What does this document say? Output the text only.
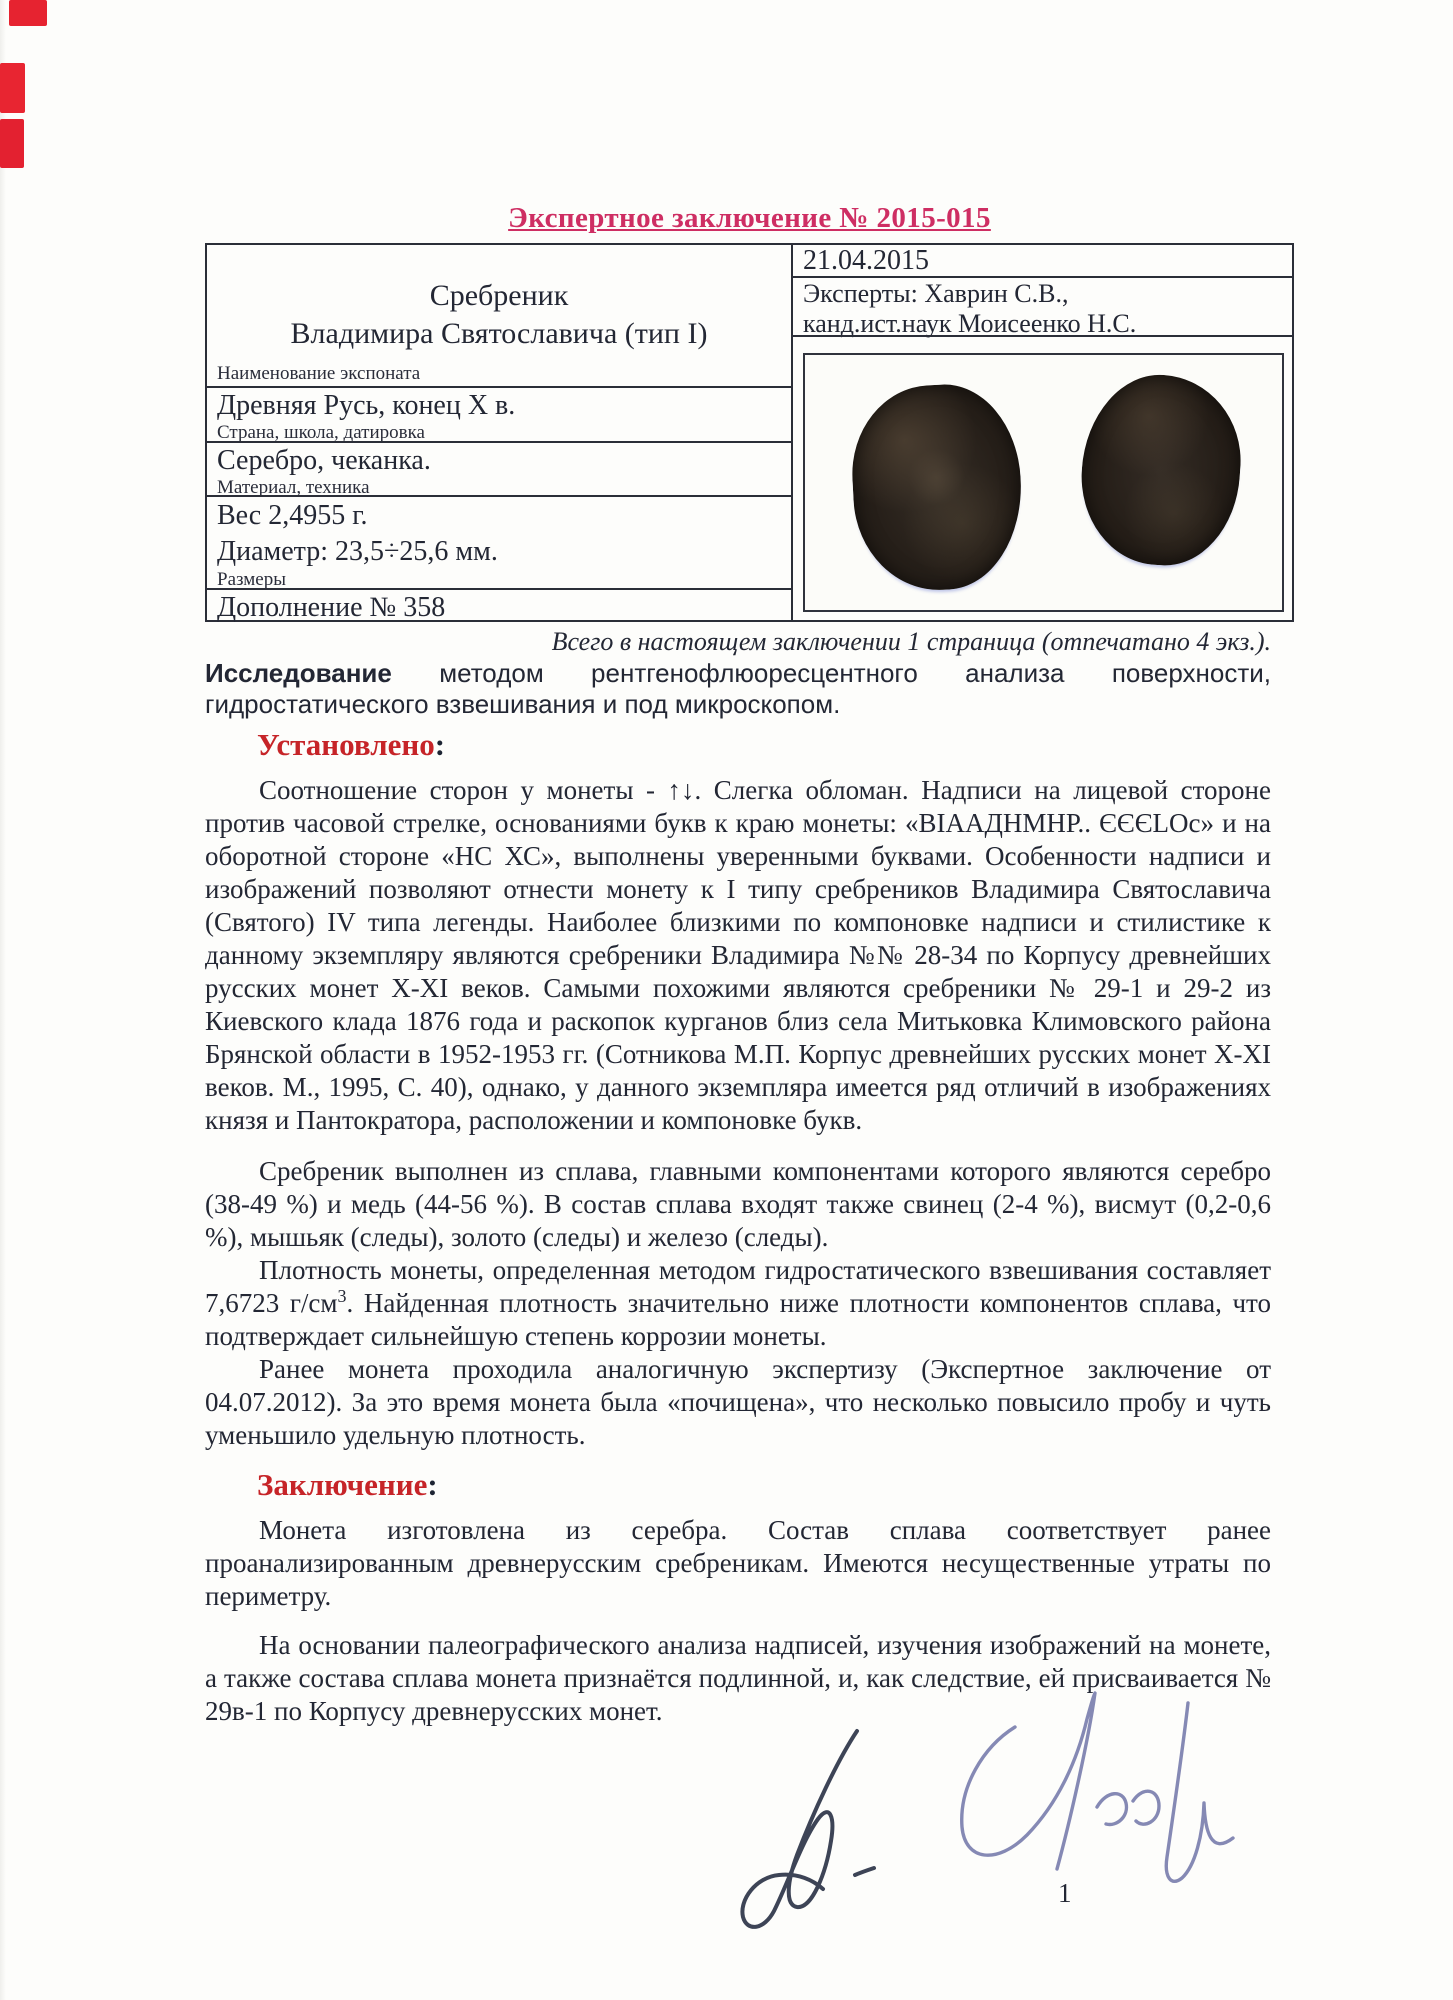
Экспертное заключение № 2015-015
Сребреник
Владимира Святославича (тип I)
Наименование экспоната
Древняя Русь, конец X в.
Страна, школа, датировка
Серебро, чеканка.
Материал, техника
Вес 2,4955 г.
Диаметр: 23,5÷25,6 мм.
Размеры
Дополнение № 358
21.04.2015
Эксперты: Хаврин С.В.,
канд.ист.наук Моисеенко Н.С.
Всего в настоящем заключении 1 страница (отпечатано 4 экз.).

Исследование методом рентгенофлюоресцентного анализа поверхности, гидростатического взвешивания и под микроскопом.

Установлено:

Соотношение сторон у монеты - ↑↓. Слегка обломан. Надписи на лицевой стороне против часовой стрелке, основаниями букв к краю монеты: «ВІААДНМНР.. ЄЄЄLОс» и на оборотной стороне «НС ХС», выполнены уверенными буквами. Особенности надписи и изображений позволяют отнести монету к I типу сребреников Владимира Святославича (Святого) IV типа легенды. Наиболее близкими по компоновке надписи и стилистике к данному экземпляру являются сребреники Владимира №№ 28-34 по Корпусу древнейших русских монет X-XI веков. Самыми похожими являются сребреники № 29-1 и 29-2 из Киевского клада 1876 года и раскопок курганов близ села Митьковка Климовского района Брянской области в 1952-1953 гг. (Сотникова М.П. Корпус древнейших русских монет X-XI веков. М., 1995, С. 40), однако, у данного экземпляра имеется ряд отличий в изображениях князя и Пантократора, расположении и компоновке букв.

Сребреник выполнен из сплава, главными компонентами которого являются серебро (38-49 %) и медь (44-56 %). В состав сплава входят также свинец (2-4 %), висмут (0,2-0,6 %), мышьяк (следы), золото (следы) и железо (следы).

Плотность монеты, определенная методом гидростатического взвешивания составляет 7,6723 $г/см^3$. Найденная плотность значительно ниже плотности компонентов сплава, что подтверждает сильнейшую степень коррозии монеты.

Ранее монета проходила аналогичную экспертизу (Экспертное заключение от 04.07.2012). За это время монета была «почищена», что несколько повысило пробу и чуть уменьшило удельную плотность.

Заключение:

Монета изготовлена из серебра. Состав сплава соответствует ранее проанализированным древнерусским сребреникам. Имеются несущественные утраты по периметру.

На основании палеографического анализа надписей, изучения изображений на монете, а также состава сплава монета признаётся подлинной, и, как следствие, ей присваивается № 29в-1 по Корпусу древнерусских монет.

1
